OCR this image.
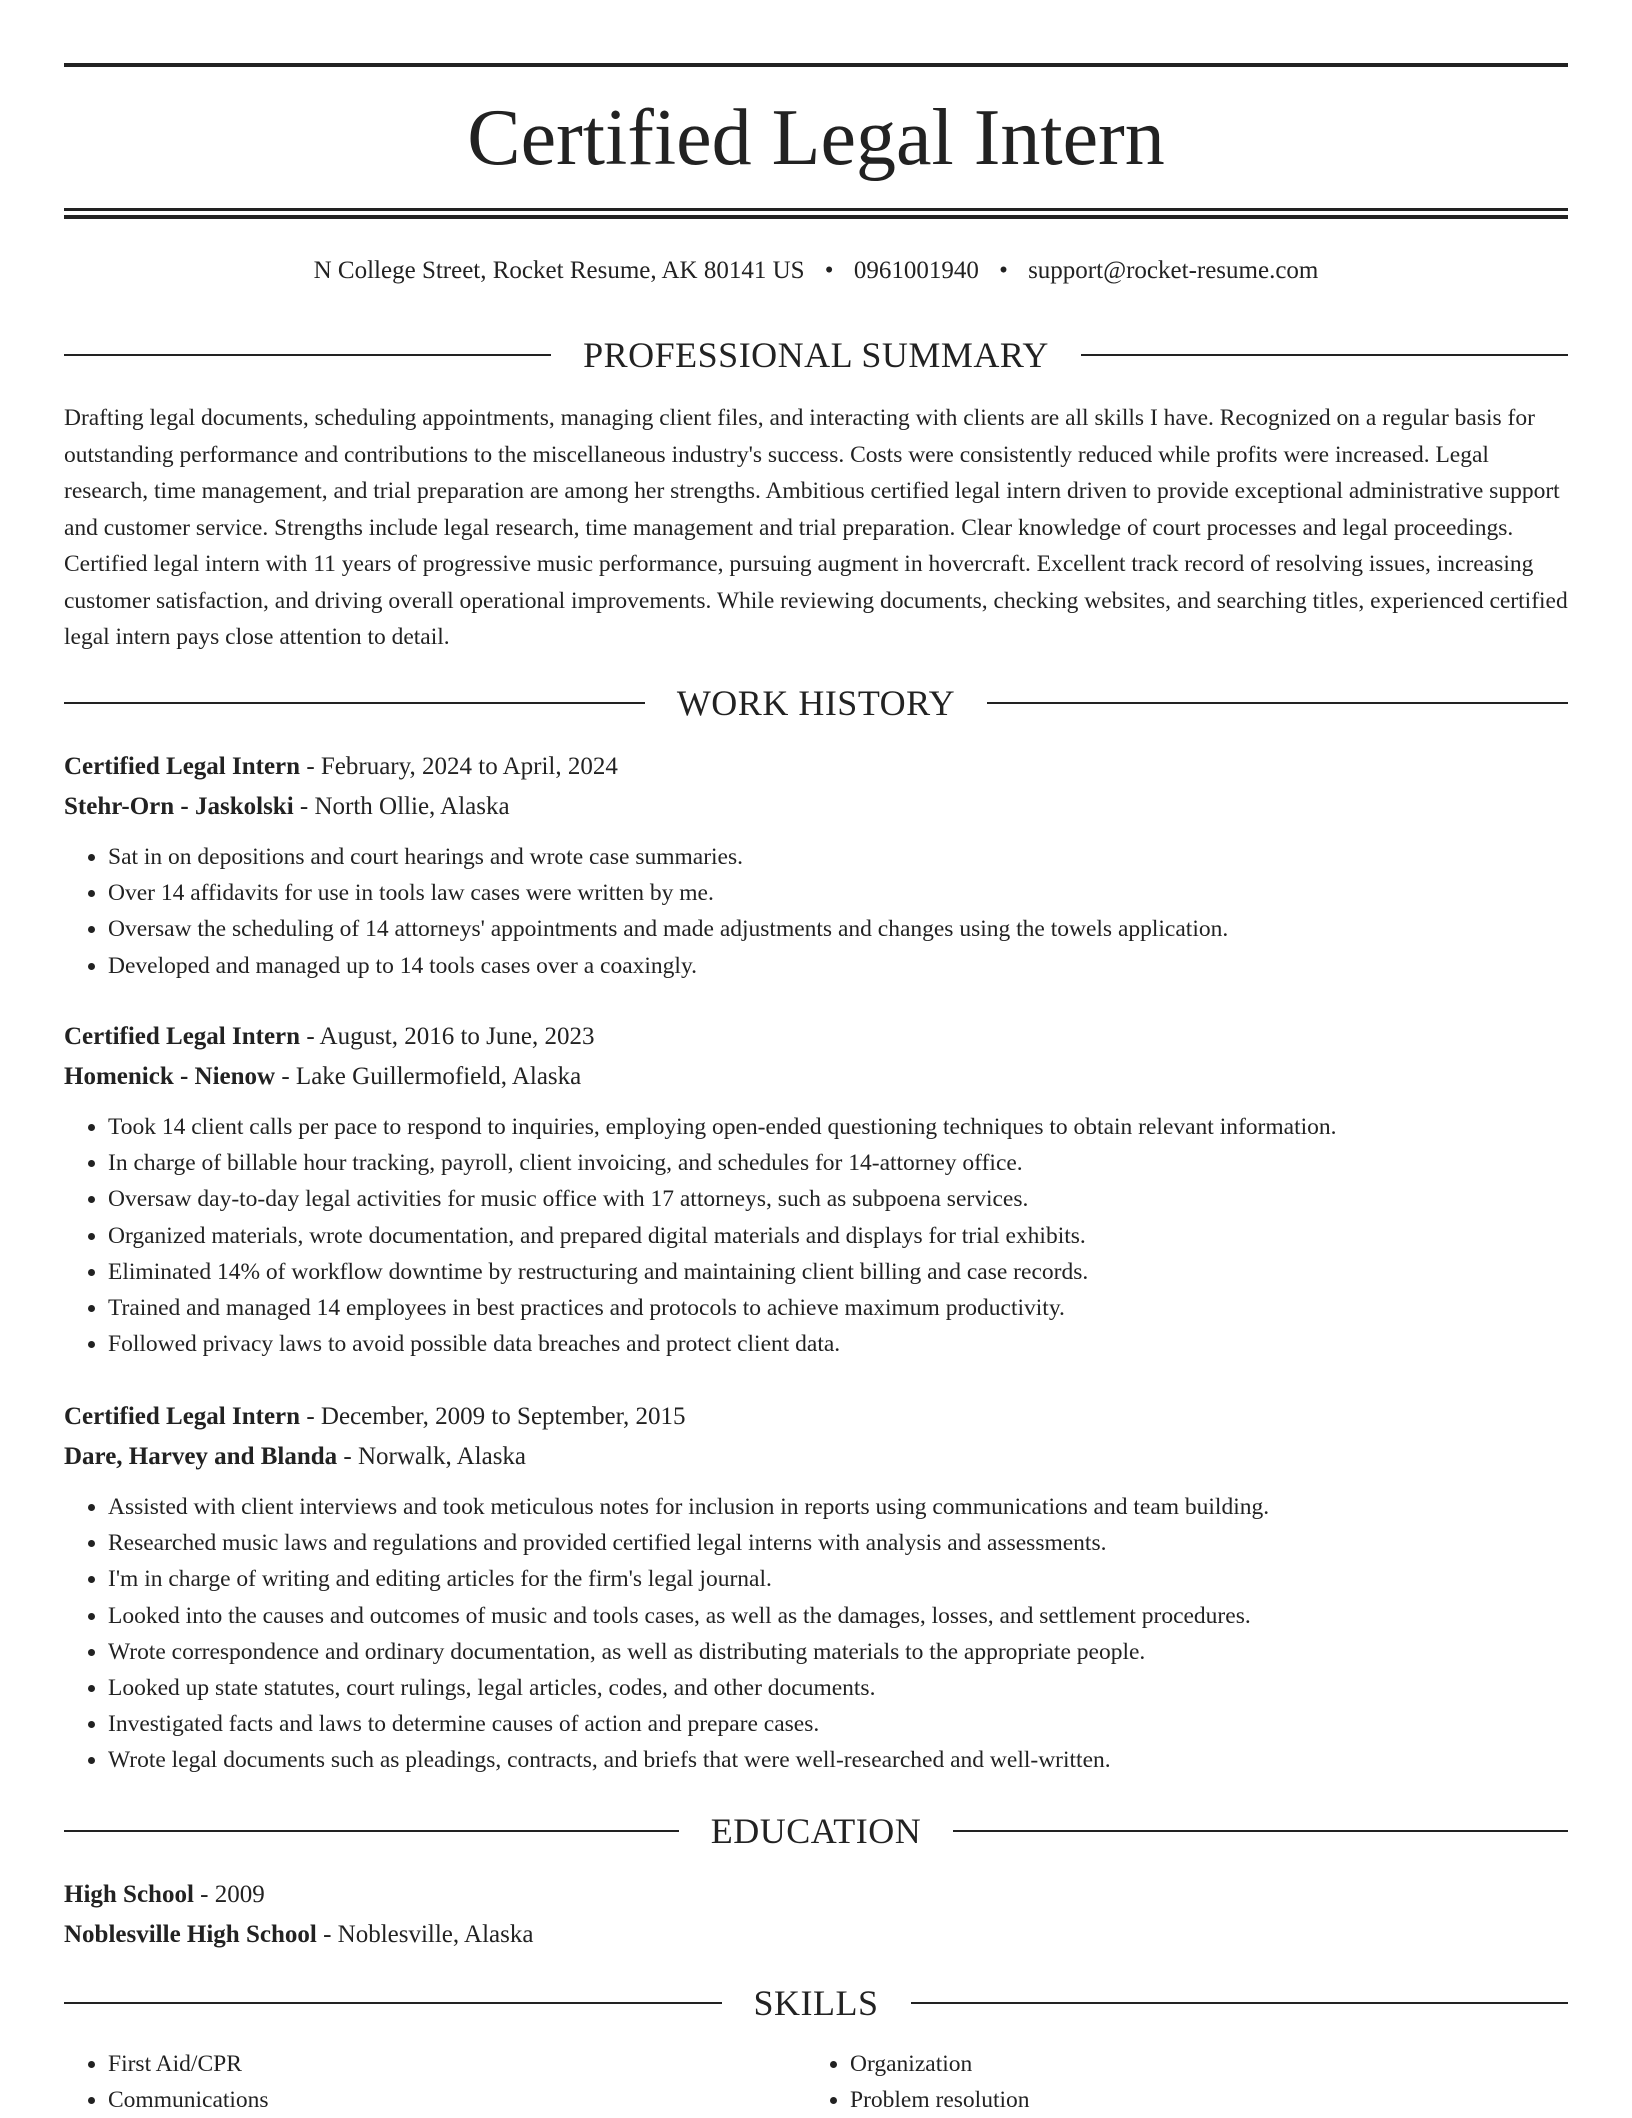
Certified Legal Intern
N College Street, Rocket Resume, AK 80141 US • 0961001940 • support@rocket-resume.com
PROFESSIONAL SUMMARY

Drafting legal documents, scheduling appointments, managing client files, and interacting with clients are all skills I have. Recognized on a regular basis for outstanding performance and contributions to the miscellaneous industry's success. Costs were consistently reduced while profits were increased. Legal research, time management, and trial preparation are among her strengths. Ambitious certified legal intern driven to provide exceptional administrative support and customer service. Strengths include legal research, time management and trial preparation. Clear knowledge of court processes and legal proceedings. Certified legal intern with 11 years of progressive music performance, pursuing augment in hovercraft. Excellent track record of resolving issues, increasing customer satisfaction, and driving overall operational improvements. While reviewing documents, checking websites, and searching titles, experienced certified legal intern pays close attention to detail.

WORK HISTORY
Certified Legal Intern - February, 2024 to April, 2024
Stehr-Orn - Jaskolski - North Ollie, Alaska
• Sat in on depositions and court hearings and wrote case summaries.
• Over 14 affidavits for use in tools law cases were written by me.
• Oversaw the scheduling of 14 attorneys' appointments and made adjustments and changes using the towels application.
• Developed and managed up to 14 tools cases over a coaxingly.
Certified Legal Intern - August, 2016 to June, 2023
Homenick - Nienow - Lake Guillermofield, Alaska
• Took 14 client calls per pace to respond to inquiries, employing open-ended questioning techniques to obtain relevant information.
• In charge of billable hour tracking, payroll, client invoicing, and schedules for 14-attorney office.
• Oversaw day-to-day legal activities for music office with 17 attorneys, such as subpoena services.
• Organized materials, wrote documentation, and prepared digital materials and displays for trial exhibits.
• Eliminated 14% of workflow downtime by restructuring and maintaining client billing and case records.
• Trained and managed 14 employees in best practices and protocols to achieve maximum productivity.
• Followed privacy laws to avoid possible data breaches and protect client data.
Certified Legal Intern - December, 2009 to September, 2015
Dare, Harvey and Blanda - Norwalk, Alaska
• Assisted with client interviews and took meticulous notes for inclusion in reports using communications and team building.
• Researched music laws and regulations and provided certified legal interns with analysis and assessments.
• I'm in charge of writing and editing articles for the firm's legal journal.
• Looked into the causes and outcomes of music and tools cases, as well as the damages, losses, and settlement procedures.
• Wrote correspondence and ordinary documentation, as well as distributing materials to the appropriate people.
• Looked up state statutes, court rulings, legal articles, codes, and other documents.
• Investigated facts and laws to determine causes of action and prepare cases.
• Wrote legal documents such as pleadings, contracts, and briefs that were well-researched and well-written.
EDUCATION
High School - 2009
Noblesville High School - Noblesville, Alaska
SKILLS
• First Aid/CPR
• Communications
• Organization
• Problem resolution
